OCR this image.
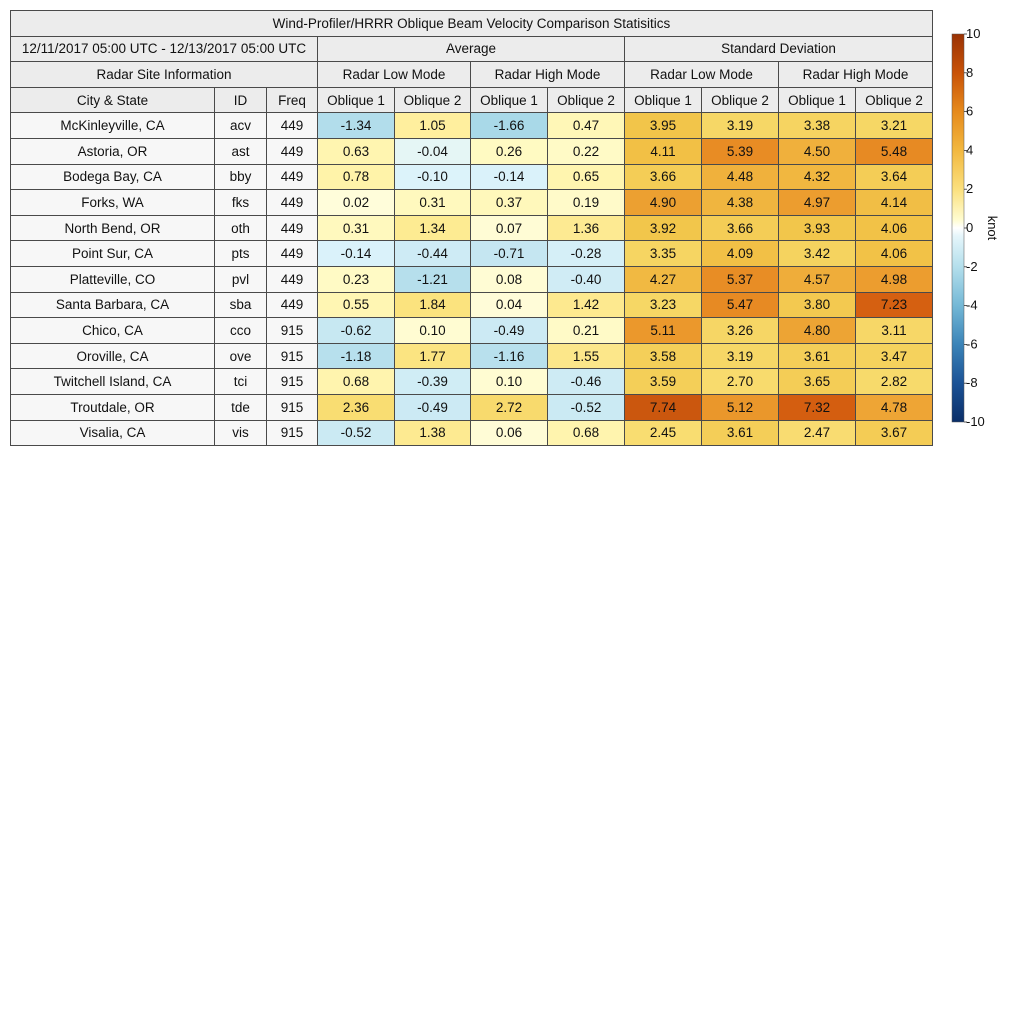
Wind-Profiler/HRRR Oblique Beam Velocity Comparison Statisitics										
12/11/2017 05:00 UTC - 12/13/2017 05:00 UTC			Average				Standard Deviation			
Radar Site Information			Radar Low Mode		Radar High Mode		Radar Low Mode		Radar High Mode	
City & State	ID	Freq	Oblique 1	Oblique 2	Oblique 1	Oblique 2	Oblique 1	Oblique 2	Oblique 1	Oblique 2
McKinleyville, CA	acv	449	-1.34	1.05	-1.66	0.47	3.95	3.19	3.38	3.21
Astoria, OR	ast	449	0.63	-0.04	0.26	0.22	4.11	5.39	4.50	5.48
Bodega Bay, CA	bby	449	0.78	-0.10	-0.14	0.65	3.66	4.48	4.32	3.64
Forks, WA	fks	449	0.02	0.31	0.37	0.19	4.90	4.38	4.97	4.14
North Bend, OR	oth	449	0.31	1.34	0.07	1.36	3.92	3.66	3.93	4.06
Point Sur, CA	pts	449	-0.14	-0.44	-0.71	-0.28	3.35	4.09	3.42	4.06
Platteville, CO	pvl	449	0.23	-1.21	0.08	-0.40	4.27	5.37	4.57	4.98
Santa Barbara, CA	sba	449	0.55	1.84	0.04	1.42	3.23	5.47	3.80	7.23
Chico, CA	cco	915	-0.62	0.10	-0.49	0.21	5.11	3.26	4.80	3.11
Oroville, CA	ove	915	-1.18	1.77	-1.16	1.55	3.58	3.19	3.61	3.47
Twitchell Island, CA	tci	915	0.68	-0.39	0.10	-0.46	3.59	2.70	3.65	2.82
Troutdale, OR	tde	915	2.36	-0.49	2.72	-0.52	7.74	5.12	7.32	4.78
Visalia, CA	vis	915	-0.52	1.38	0.06	0.68	2.45	3.61	2.47	3.67
10
8
6
4
2
0
-2
-4
-6
-8
-10
knot
